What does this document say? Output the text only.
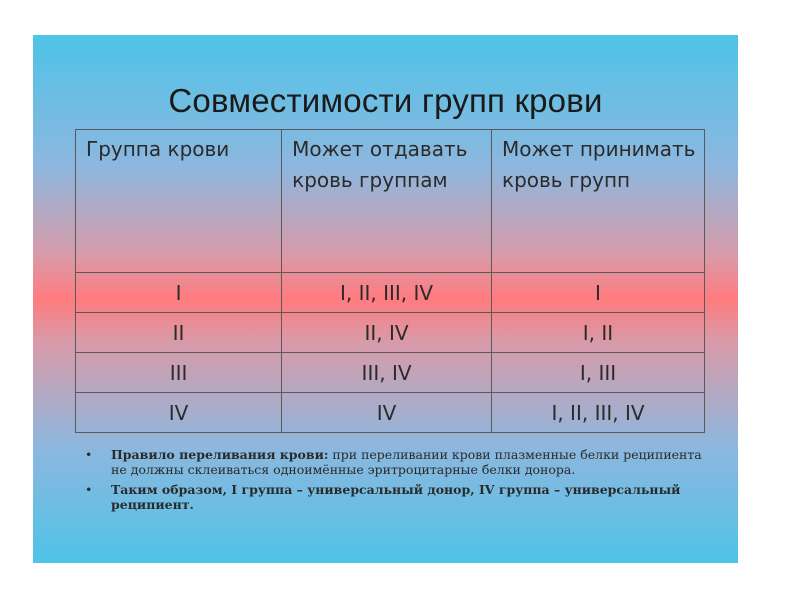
Совместимости групп крови
Группа крови	Может отдавать кровь группам	Может принимать кровь групп
I	I, II, III, IV	I
II	II, IV	I, II
III	III, IV	I, III
IV	IV	I, II, III, IV
• Правило переливания крови: при переливании крови плазменные белки реципиента не должны склеиваться одноимённые эритроцитарные белки донора.
• Таким образом, I группа – универсальный донор, IV группа – универсальный реципиент.
